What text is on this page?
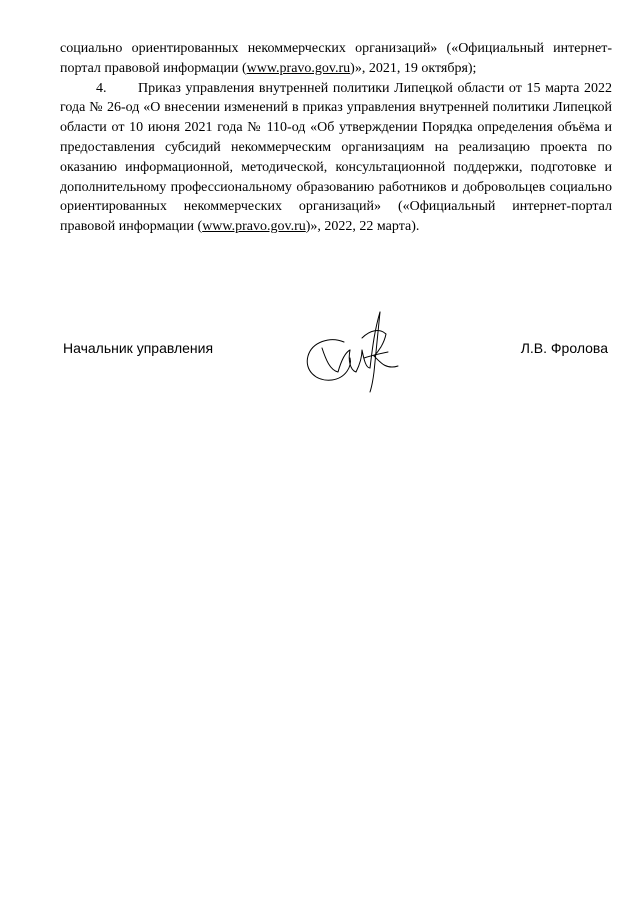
социально ориентированных некоммерческих организаций» («Официальный интернет-портал правовой информации (www.pravo.gov.ru)», 2021, 19 октября);

4. Приказ управления внутренней политики Липецкой области от 15 марта 2022 года № 26-од «О внесении изменений в приказ управления внутренней политики Липецкой области от 10 июня 2021 года № 110-од «Об утверждении Порядка определения объёма и предоставления субсидий некоммерческим организациям на реализацию проекта по оказанию информационной, методической, консультационной поддержки, подготовке и дополнительному профессиональному образованию работников и добровольцев социально ориентированных некоммерческих организаций» («Официальный интернет-портал правовой информации (www.pravo.gov.ru)», 2022, 22 марта).

Начальник управления	Л.В. Фролова
